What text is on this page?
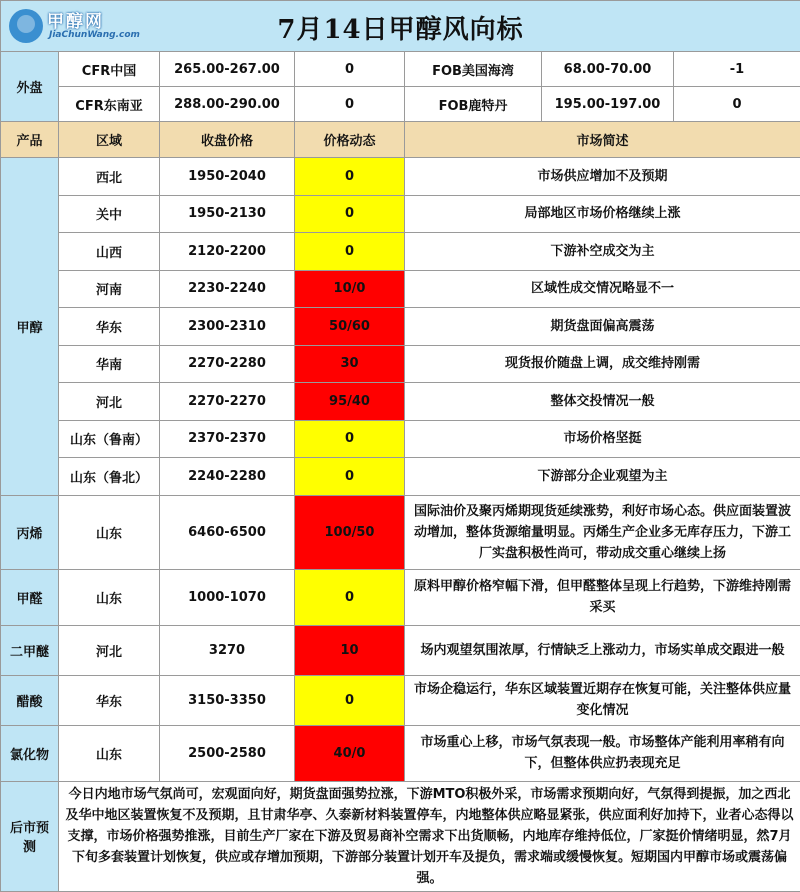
甲醇网
JiaChunWang.com 7月14日甲醇风向标						

外盘	CFR中国	265.00-267.00	0	FOB美国海湾	68.00-70.00	-1
	CFR东南亚	288.00-290.00	0	FOB鹿特丹	195.00-197.00	0
产品	区域	收盘价格	价格动态	市场简述		
甲醇	西北	1950-2040	0	市场供应增加不及预期		
	关中	1950-2130	0	局部地区市场价格继续上涨		
	山西	2120-2200	0	下游补空成交为主		
	河南	2230-2240	10/0	区域性成交情况略显不一		
	华东	2300-2310	50/60	期货盘面偏高震荡		
	华南	2270-2280	30	现货报价随盘上调，成交维持刚需		
	河北	2270-2270	95/40	整体交投情况一般		
	山东（鲁南）	2370-2370	0	市场价格坚挺		
	山东（鲁北）	2240-2280	0	下游部分企业观望为主		
丙烯	山东	6460-6500	100/50	国际油价及聚丙烯期现货延续涨势，利好市场心态。供应面装置波动增加，整体货源缩量明显。丙烯生产企业多无库存压力，下游工厂实盘积极性尚可，带动成交重心继续上扬		
甲醛	山东	1000-1070	0	原料甲醇价格窄幅下滑，但甲醛整体呈现上行趋势，下游维持刚需采买		
二甲醚	河北	3270	10	场内观望氛围浓厚，行情缺乏上涨动力，市场实单成交跟进一般		
醋酸	华东	3150-3350	0	市场企稳运行，华东区域装置近期存在恢复可能，关注整体供应量变化情况		
氯化物	山东	2500-2580	40/0	市场重心上移，市场气氛表现一般。市场整体产能利用率稍有向下，但整体供应扔表现充足		
后市预测	今日内地市场气氛尚可，宏观面向好，期货盘面强势拉涨，下游MTO积极外采，市场需求预期向好，气氛得到提振，加之西北及华中地区装置恢复不及预期，且甘肃华亭、久泰新材料装置停车，内地整体供应略显紧张，供应面利好加持下，业者心态得以支撑，市场价格强势推涨，目前生产厂家在下游及贸易商补空需求下出货顺畅，内地库存维持低位，厂家挺价情绪明显，然7月下旬多套装置计划恢复，供应或存增加预期，下游部分装置计划开车及提负，需求端或缓慢恢复。短期国内甲醇市场或震荡偏强。					
